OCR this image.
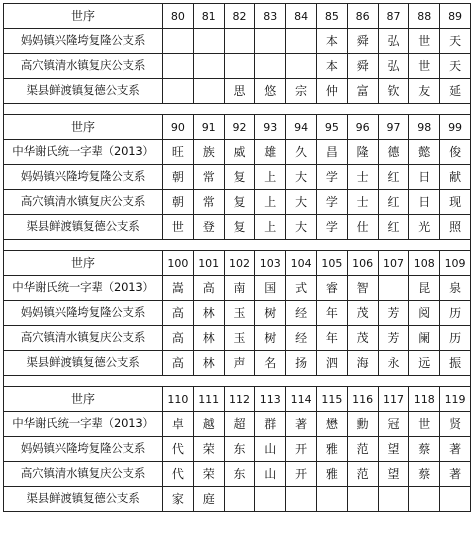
世序	80	81	82	83	84	85	86	87	88	89
妈妈镇兴隆垮复隆公支系						本	舜	弘	世	天
高穴镇清水镇复庆公支系						本	舜	弘	世	天
渠县鲜渡镇复德公支系			思	悠	宗	仲	富	钦	友	延

世序	90	91	92	93	94	95	96	97	98	99
中华谢氏统一字辈（2013）	旺	族	威	雄	久	昌	隆	德	懿	俊
妈妈镇兴隆垮复隆公支系	朝	常	复	上	大	学	士	红	日	献
高穴镇清水镇复庆公支系	朝	常	复	上	大	学	士	红	日	现
渠县鲜渡镇复德公支系	世	登	复	上	大	学	仕	红	光	照

世序	100	101	102	103	104	105	106	107	108	109
中华谢氏统一字辈（2013）	嵩	高	南	国	式	睿	智		昆	泉
妈妈镇兴隆垮复隆公支系	高	林	玉	树	经	年	茂	芳	阅	历
高穴镇清水镇复庆公支系	高	林	玉	树	经	年	茂	芳	阑	历
渠县鲜渡镇复德公支系	高	林	声	名	扬	泗	海	永	远	振

世序	110	111	112	113	114	115	116	117	118	119
中华谢氏统一字辈（2013）	卓	越	超	群	著	懋	勳	冠	世	贤
妈妈镇兴隆垮复隆公支系	代	荣	东	山	开	雅	范	望	蔡	著
高穴镇清水镇复庆公支系	代	荣	东	山	开	雅	范	望	蔡	著
渠县鲜渡镇复德公支系	家	庭								
